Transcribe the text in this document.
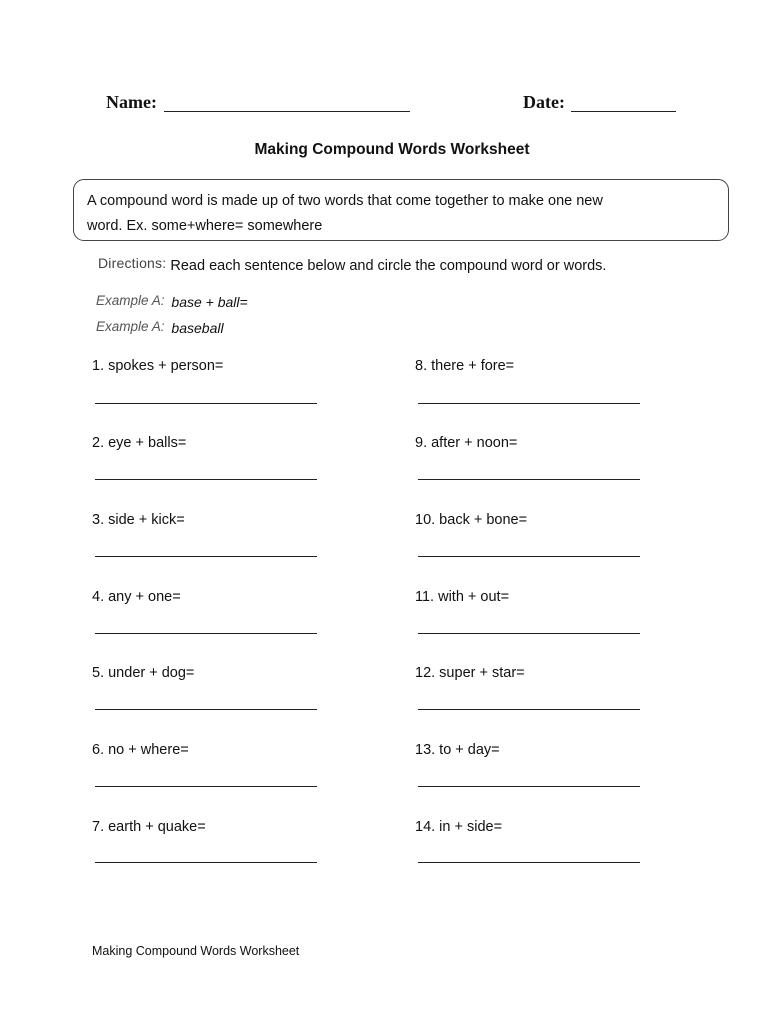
Name:	Date:
Making Compound Words Worksheet
A compound word is made up of two words that come together to make one new
word. Ex. some+where= somewhere
Directions: Read each sentence below and circle the compound word or words.
Example A: base + ball=
Example A: baseball
1. spokes + person=
2. eye + balls=
3. side + kick=
4. any + one=
5. under + dog=
6. no + where=
7. earth + quake=
8. there + fore=
9. after + noon=
10. back + bone=
11. with + out=
12. super + star=
13. to + day=
14. in + side=
Making Compound Words Worksheet
